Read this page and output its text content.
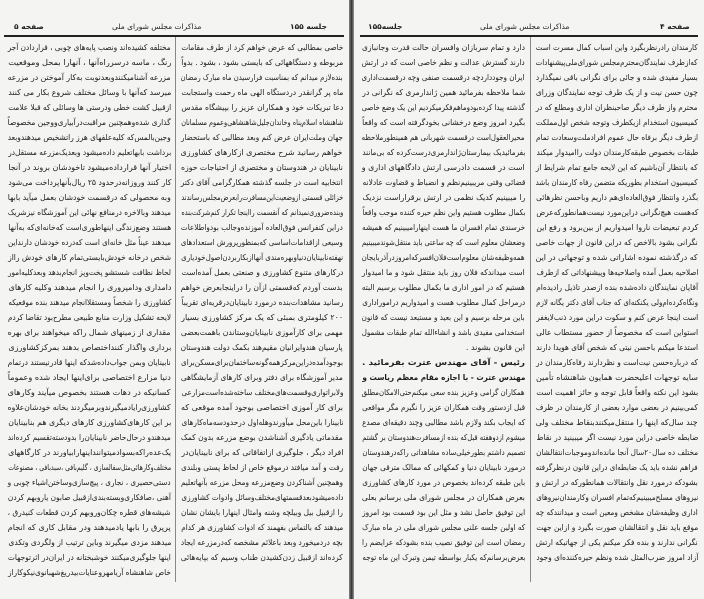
صفحه ۵	مذاکرات مجلس شورای ملی	جلسه ۱۵۵	جلسه۱۵۵	مذاکرات مجلس شورای ملی	صفحه ۴
مختلفه کشیده‌اند ونصب پایه‌های چوبی ، قراردادن آجر
رنگ ، ماسه درسرراه‌آنها ، آنهارا بمحل وموقعیت
مزرعه آشنامیکنندوبعدنوبت به‌کار آموختن در مزرعه
میرسد که‌آنها با وسائل مختلف شروع بکار می کنند
ازقبیل کشت خطی ودرستی ها وسائلی که قبلا علامت
گذاری شده‌وهمچنین مراقبت‌درآبیاری‌ووجین مخصوصاً
وجین‌بالمس‌که کلیه‌علفهای هرز راتشخیص میدهندوبعد
برداشت بابهاتعلیم داده‌میشود وبعدیک‌مزرعه مستقل‌در
اختیار آنها قرارداده‌میشود تاخودشان بروند در آنجا
کار کنند وروزانه‌درحدود ۲۵ ریال‌بآنهاپرداخت می‌شود
وبه محصولی که درقسمت خودشان بعمل میآید بابها
میدهند وبالاخره درمنافع نهائی این آموزشگاه نیزشریک
هستند وضع‌زندگی اینهاطوری‌است که‌خانه‌ای‌که به‌آنها
میدهند عیناً مثل خانه‌ای است که‌درده خودشان دارند‌این
شخص درخانه خودش‌بایستی‌تمام کارهای خودش رااز
لحاظ نظافت شستشو پخت‌وپز انجام‌بدهد وبعدکلیه‌امور
دامداری ودامپروری را انجام میدهند وکلیه کارهای
کشاورزی را شخصاً ومستقلاانجام میدهند بنده موقعیکه
لایحه تشکیل وزارت منابع طبیعی مطرح‌بود تقاضا کردم
مقداری از زمینهای شمال راکه میخواهند برای بهره
برداری واگذار کنندا‌ختصاص بدهند بمرکزکشاورزی
نابینایان وبمن جواب‌داده‌شدکه اینها قادرنیستند درتمام
دنیا مزارع اختصاصی برای‌اینها ایجاد شده وعموماً
کسانیکه در دهات هستند بخصوص میآیند وکارهای
کشاورزی‌رایادمیگیرندوبرمیگردند بخانه خودشان‌علاوه
بر این کارهای‌کشاورزی کارهای دیگری هم بنابینایان
میدهندو درحال‌حاضر نابینایان‌را بدودسته‌تقسیم کرده‌اند
یک‌عده‌راکه‌بسوادمیتوانند‌اینهارابیاورند در کارگاههای
مختلف‌وکارهائی‌مثل‌سفالسازی ، گلیم‌بافی ،سبدبافی ، مصنوعات
دستی‌حصیری ، نجاری ، پیچ‌سازی‌وساختن‌اشیاء چوبی و
آهنی ،صافکاری‌وبسته‌بندی‌ازقبیل صابون یاروبهم کردن
شیشه‌های قطره چکان‌وروبهم کردن قطعات کنیدرق ،
پرپرق را بابها یادمیدهند ودر مقابل کاری که انجام
میدهند مزدی میگیرند وباین ترتیب از ولگردی وتکدی
اینها جلوگیری‌میکنند خوشبختانه در ایران‌در اثرتوجهات
خاص شاهنشاه آریامهروعنایات‌بیدریغ‌شهبانوی‌نیکوکاراز
خاصی بمطالبی که عرض خواهم کرد از طرف مقامات
مربوطه و دستگاههائی که بایستی بشود ، بشود . بدواً
بنده‌لازم میدانم که بمناسبت فرارسیدن ماه مبارک رمضان
ماه پر گرانقدر دردستگاه الهی ماه رحمت واستجابت
دعا تبریکات خود و همکاران عزیز را بپیشگاه مقدس
شاهنشاه اسلام‌پناه وخاندان‌جلیل‌شاهنشاهی‌وعموم مسلمانان
جهان وملت‌ایران عرض کنم وبعد مطالبی که باستحضار
خواهم رسانید شرح مختصری ازکارهای کشاورزی
نابینایان در هندوستان و مختصری از احتیاجات حوزه
انتخابیه است در جلسه گذشته همکارگرامی آقای دکتر
خزائلی قسمتی ازوضعیت‌این‌مسافرت‌رابعرض‌مجلس‌رساندند
وبنده‌ضروری‌نمیدانم که آنقسمت رااینجا تکرار کنم‌شرکت‌بنده
دراین کنفرانس فوق‌العاده آموزنده‌وجالب بودواطلاعات
وسیعی ازاقدامات‌اساسی که‌بمنظورپرورش استعدادهای
نهفته‌نابینایان‌دنیاوبهره‌مندی آنهاازبکاربردن‌اصول‌خودیاری
درکارهای متنوع کشاورزی و صنعتی بعمل آمده‌است
بدست آوردم که‌قسمتی ازآن را دراینجابعرض خواهم
رسانید مشاهدات‌بنده درمورد نابینایان‌درقریه‌ای تقریباً
۲۰۰ کیلومتری بمبئی که یک مرکز کشاورزی بسیار
مهمی برای کارآموزی نابینایان‌وستاندن باهمت‌بعضی
پارسیان هندوایرانیان مقیم‌هند بکمک دولت هندوستان
بوجودآمده‌دراین‌مرکزهمه‌گونه‌ساختمان‌برای‌مسکن‌برای
مدیر آموزشگاه برای دفتر وبرای کارهای آزمایشگاهی
ولابراتواری‌وقسمت‌های‌مختلف ساخته‌شده‌است‌مزارعی
برای کار آموزی اختصاصی بوجود آمده موقعی که
نابینارا باین‌محل میآورندوهله‌اول درحدودسه‌ماه‌کارهای
مقدماتی یادگیری آشناشدن بوضع مزرعه بدون کمک
افراد دیگر ، جلوگیری ازاتفاقاتی که برای نابینایان‌در
رفت و آمد میافتد درموقع خاص از لحاظ پستی وبلندی
وهمچنین آشناکردن وضع‌مزرعه ومحل مزرعه بآنهاتعلیم
داده‌میشودبعدقسمتهای‌مختلف‌وسائل وادوات کشاورزی
را ازقبیل بیل وبیلچه وشنه وامثال اینهارا بایشان نشان
میدهند که بالتماس بفهمند که ادوات کشاورزی هر کدام
بچه دردمیخورد وبعد باعلائم مشخصه که‌درمزرعه ایجاد
کرده‌اند ازقبیل زدن‌کشیدن طناب وسیم که بپایه‌هائی
دارد و تمام سربازان وافسران حالت قدرت وجانبازی
دارند گسترش عدالت و نظم خاصی است که در ارتش
ایران وجوددارد‌چه درقسمت صنفی وچه درقسمت‌اداری
شما ملاحظه بفرمائید همین ژاندارمری که نگرانی در
گذشته پیدا کرده‌بودوماهم‌فکرمیکردیم این یک وضع خاصی
بگیرد امروز وضع درخشانی بخودگرفته است که واقعاً
محیرالعقول‌است درقسمت شهربانی هم همینطورملاحظه
بفرمائیدیک بیمارستان‌ژاندارمری‌درست‌کرده که بی‌مانند
است در قسمت دادرسی ارتش دادگاههای اداری و
قضائی وقتی مریبینیم‌نظم و انضباط و قضاوت عادلانه
را میبینیم کدیک نظمی در ارتش برقراراست نزدیک
بکمال مطلوب هستیم واین نظم حیره کننده موجب واقعاً
خرسندی تمام افسران ما هست اینهارا‌میبینیم که همیشه
وضعشان معلوم است که چه ساعتی باید منتقل‌شوند‌میبینیم
همه‌وظیفه‌شان معلوم‌است‌فلان‌افسرکه‌امروزدرآذربایجان
است میداندکه فلان روز باید منتقل شود و ما امیدوار
هستیم که در امور اداری ما بکمال مطلوب برسیم البته
درمراحل کمال مطلوب هست و امیدواریم درامور‌اداری
باین مرحله برسیم و این بعید و مستبعد نیست که قانون
استخدامی مفیدی باشد و انشاءالله تمام طبقات مشمول
این قانون بشوند .
رئیس - آقای مهندس عترت بفرمائید .
مهندس عترت - با اجازه مقام معظم ریاست و
همکاران گرامی وعزیز بنده سعی میکنم‌حتی‌الامکان‌مطلق
قبل ازدستور وقت همکاران عزیز را نگیرم مگر مواقعی
که ایجاب بکند ولازم باشد مطالبی وچند دقیقه‌ای مصدع
میشوم ازدوهفته قبل‌که بنده ازمسافرت‌هندوستان بر گشتم
تصمیم داشتم بطورخیلی‌ساده مشاهداتی راکه‌درهندوستان
درمورد نابینایان دنیا و کمکهائی که ممالک مترقی جهان
باین طبقه کرده‌اند بخصوص در مورد کارهای کشاورزی
بعرض همکاران در مجلس شورای ملی برسانم بعلی
این توفیق حاصل نشد و مثل این بود قسمت بود امروز
که اولین جلسه علنی مجلس شورای ملی در ماه مبارک
رمضان است این توفیق نصیب بنده بشودکه عرایضم را
بعرض‌برسانم‌که یکبار بواسطه تیمن وتبرک این ماه توجه
کارمندان رادرنظربگیرد واین اسباب کمال مسرت است
که‌ازطرف نمایندگان‌محترم‌مجلس شورای‌ملی‌پیشنهادات
بسیار مفیدی شده و جائی برای نگرانی باقی نمیگذارد
چون حسن نیت و از یک طرف توجه نمایندگان وزرای
محترم واز طرف دیگر صاحبنظران اداری ومطلع که در
کمیسیون استخدام ازیکطرف وتوجه شخص اول‌مملکت
ازطرف دیگر برفاه حال عموم افرادملت‌وسعادت تمام
طبقات بخصوص طبقه‌کارمندان دولت راامیدوار میکند
که بانتظار آن‌باشیم که این لایحه جامع تمام شرایط از
کمیسیون استخدام بطوریکه متضمن رفاه کارمندان باشد
بگذرد وانتظار فوق‌العاده‌ای‌هم داریم وباحسن نظرهائی
که‌هست هیچ‌نگرانی دراین‌مورد نیست‌همانطورکه‌عرض
کردم تبعیضات ناروا امیدواریم از بین‌برود و رفع این
نگرانی بشود بالاخص که دراین قانون از جهات خاصی
که درگذشته نموده اشاراتی شده و توجهاتی در این
اصلاحیه بعمل آمده واصلاحیه‌ها وپیشنهاداتی که ازطرف
آقایان نمایندگان داده‌شده بنده ازصدر تاذیل رادیده‌ام
ونگاه‌کرده‌ام‌ولی یکنکته‌ای که جناب آقای دکتر یگانه لازم
است اینجا عرض کنم و سکوت دراین مورد ذنب‌لایغفر
استواین است که مخصوصاً از حضور مستطاب عالی
استدعا میکنم باحسن نیتی که شخص آقای هویدا دارند
که درباره‌حسن نیت‌است و نظردارند رفاه‌کارمندان در
سایه توجهات اعلیحضرت همایون شاهنشاه تأمین
بشود این نکته واقعاً قابل توجه و حائز اهمیت است
کمی‌بینیم در بعضی موارد بعضی از کارمندان در ظرف
چند سال‌که اینها را منتقل‌میکنند‌بنقاط مختلف ولی
ضابطه خاصی دراین مورد نیست اگر میبینید در نقاط
مختلف ده سال۲۰سال آنجا مانده‌اندوموجبات‌انتقالشان
فراهم نشده باید یک ضابطه‌ای دراین قانون درنظرگرفته
بشودکه درمورد نقل وانتقالات همانطورکه در ارتش و
نیروهای مسلح‌میبینیم‌که‌تمام افسران وکارمندان‌نیروهای
اداری وظیفه‌شان مشخص ومعین است و میدانندکه چه
موقع باید نقل و انتقالشان صورت بگیرد و ازاین جهت
نگرانی ندارند و بنده فکر میکنم یکی از جهاتیکه ارتش
آزاد امروز ضرب‌المثل شده ونظم حیره‌کننده‌ای وجود
